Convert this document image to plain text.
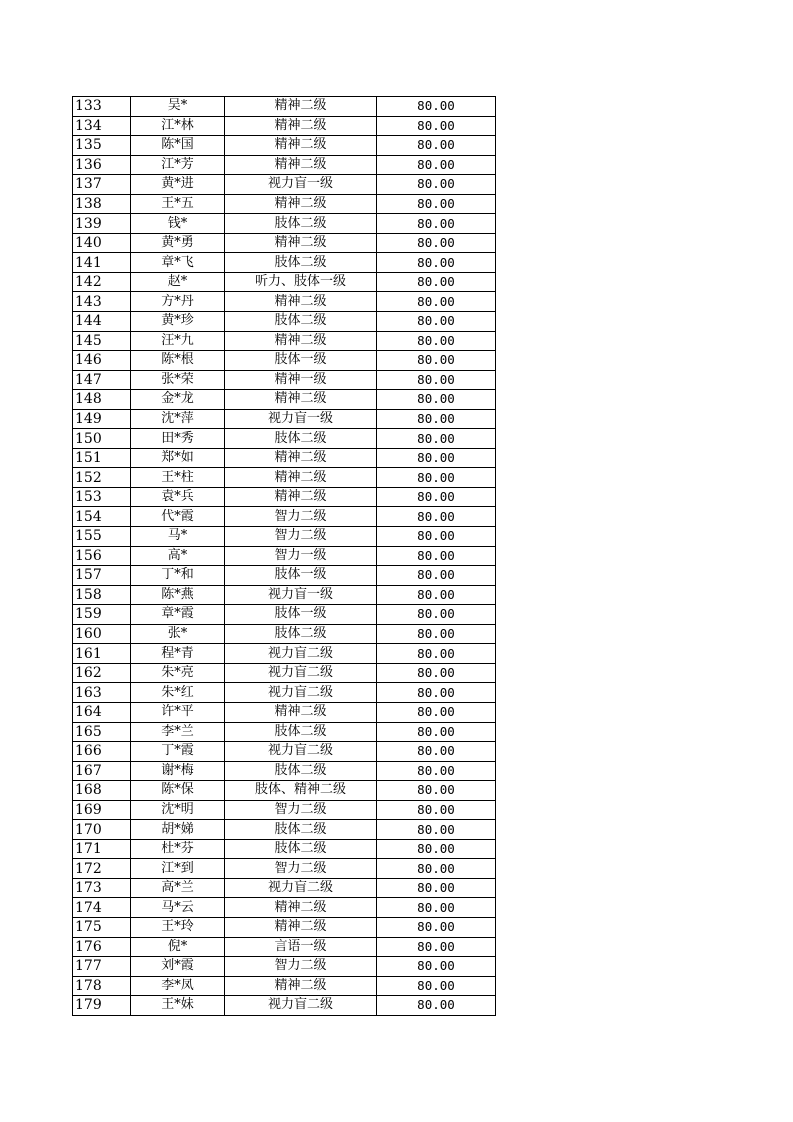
133	吴*	精神二级	80.00
134	江*林	精神二级	80.00
135	陈*国	精神二级	80.00
136	江*芳	精神二级	80.00
137	黄*进	视力盲一级	80.00
138	王*五	精神二级	80.00
139	钱*	肢体二级	80.00
140	黄*勇	精神二级	80.00
141	章*飞	肢体二级	80.00
142	赵*	听力、肢体一级	80.00
143	方*丹	精神二级	80.00
144	黄*珍	肢体二级	80.00
145	汪*九	精神二级	80.00
146	陈*根	肢体一级	80.00
147	张*荣	精神一级	80.00
148	金*龙	精神二级	80.00
149	沈*萍	视力盲一级	80.00
150	田*秀	肢体二级	80.00
151	郑*如	精神二级	80.00
152	王*柱	精神二级	80.00
153	袁*兵	精神二级	80.00
154	代*霞	智力二级	80.00
155	马*	智力二级	80.00
156	高*	智力一级	80.00
157	丁*和	肢体一级	80.00
158	陈*燕	视力盲一级	80.00
159	章*霞	肢体一级	80.00
160	张*	肢体二级	80.00
161	程*青	视力盲二级	80.00
162	朱*亮	视力盲二级	80.00
163	朱*红	视力盲二级	80.00
164	许*平	精神二级	80.00
165	李*兰	肢体二级	80.00
166	丁*霞	视力盲二级	80.00
167	谢*梅	肢体二级	80.00
168	陈*保	肢体、精神二级	80.00
169	沈*明	智力二级	80.00
170	胡*娣	肢体二级	80.00
171	杜*芬	肢体二级	80.00
172	江*到	智力二级	80.00
173	高*兰	视力盲二级	80.00
174	马*云	精神二级	80.00
175	王*玲	精神二级	80.00
176	倪*	言语一级	80.00
177	刘*霞	智力二级	80.00
178	李*凤	精神二级	80.00
179	王*妹	视力盲二级	80.00
